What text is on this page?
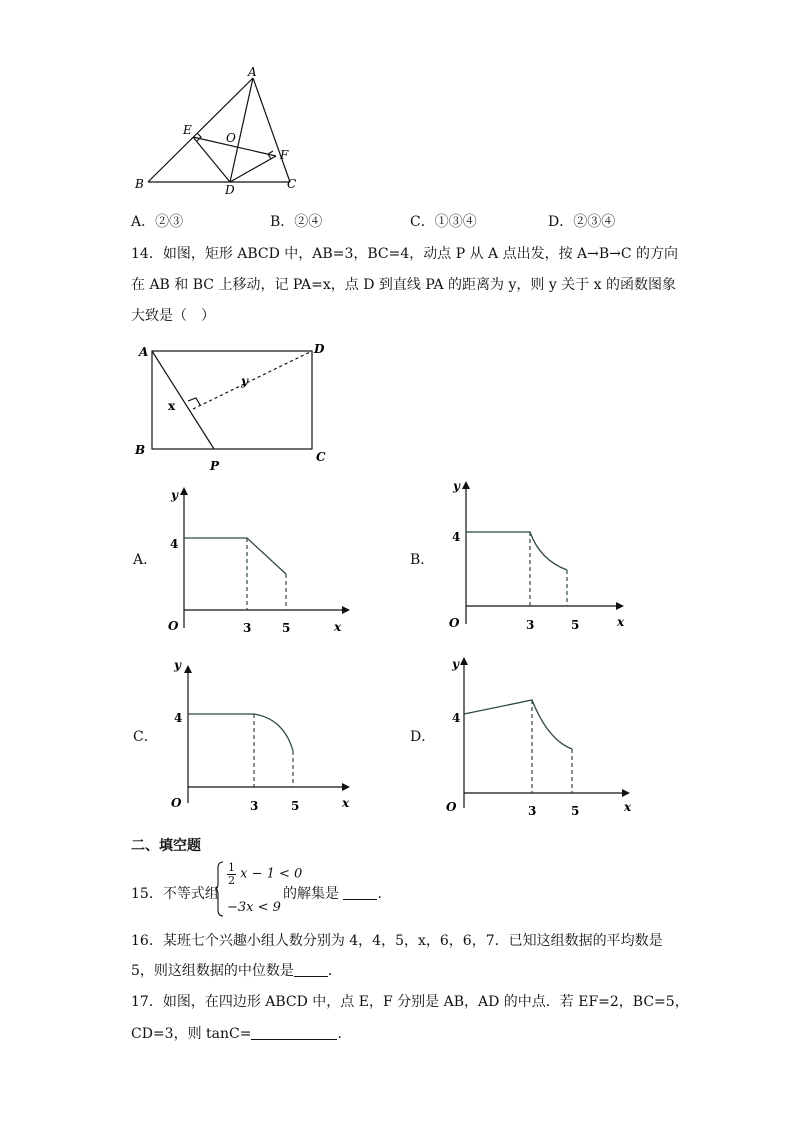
A
B	C
D
E
F
O
A．②③	B．②④	C．①③④	D．②③④
14．如图，矩形 ABCD 中，AB=3，BC=4，动点 P 从 A 点出发，按 A→B→C 的方向
在 AB 和 BC 上移动，记 PA=x，点 D 到直线 PA 的距离为 y，则 y 关于 x 的函数图象
大致是（　）
A	D
B	C
P
x
y
A．	B．
C．	D．
y
x
O
4
3	5
y
x
O
4
3	5
y
x
O
4
3	5
y
x
O
4
3	5
二、填空题
15．不等式组
$\frac{1}{2}$ x − 1 < 0
−3x < 9
的解集是 .
16．某班七个兴趣小组人数分别为 4，4，5，x，6，6，7．已知这组数据的平均数是
5，则这组数据的中位数是 ．
17．如图，在四边形 ABCD 中，点 E，F 分别是 AB，AD 的中点．若 EF=2，BC=5，
CD=3，则 tanC=	．
